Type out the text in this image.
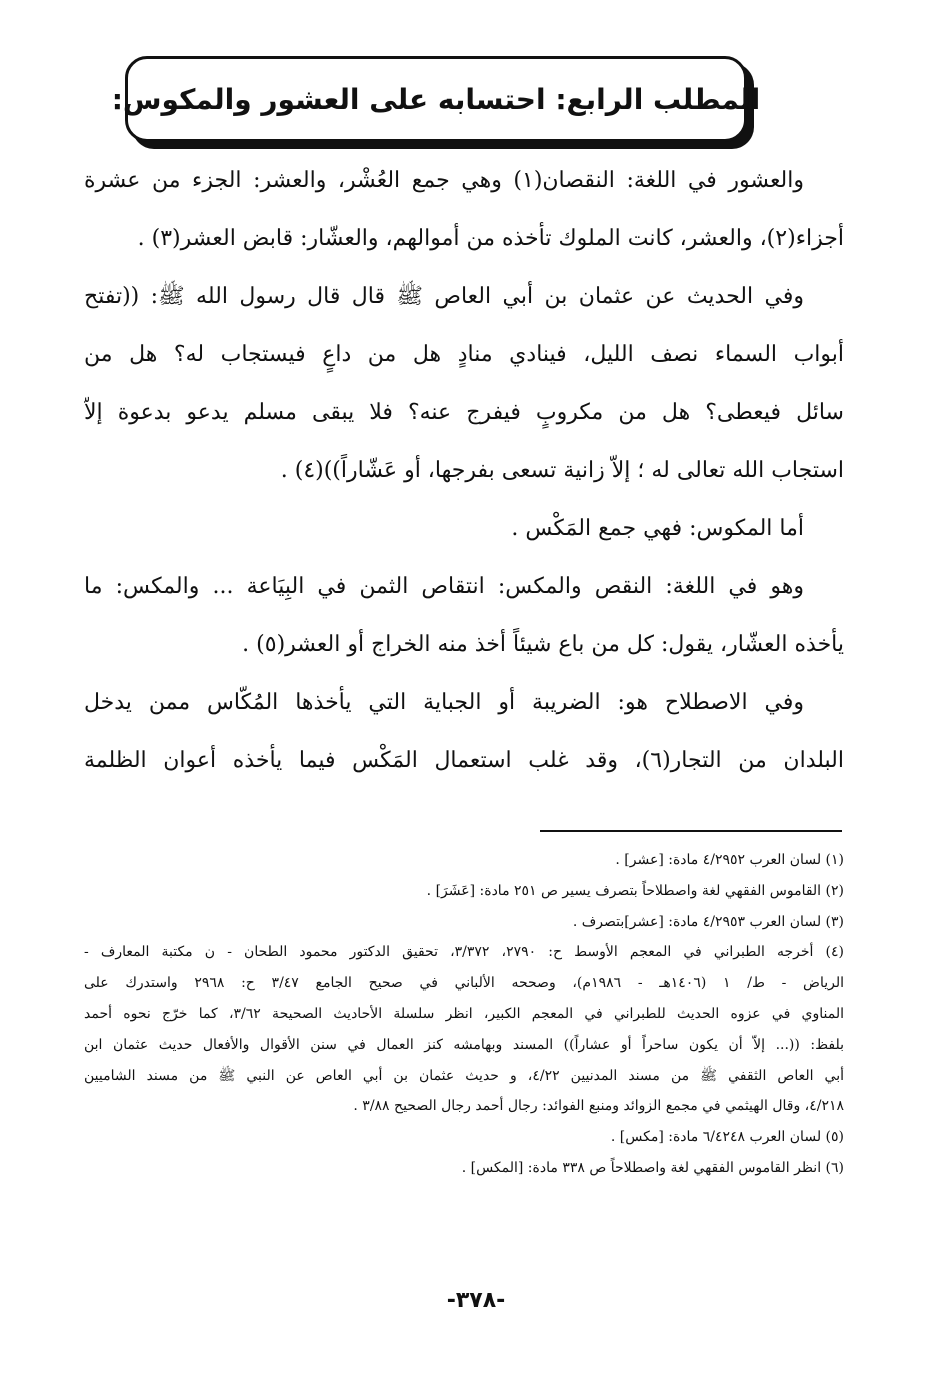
المطلب الرابع: احتسابه على العشور والمكوس:
والعشور في اللغة: النقصان(١) وهي جمع العُشْر، والعشر: الجزء من عشرة
أجزاء(٢)، والعشر، كانت الملوك تأخذه من أموالهم، والعشّار: قابض العشر(٣) .
وفي الحديث عن عثمان بن أبي العاص ﷺ قال قال رسول الله ﷺ: ((تفتح
أبواب السماء نصف الليل، فينادي منادٍ هل من داعٍ فيستجاب له؟ هل من
سائل فيعطى؟ هل من مكروبٍ فيفرج عنه؟ فلا يبقى مسلم يدعو بدعوة إلاّ
استجاب الله تعالى له ؛ إلاّ زانية تسعى بفرجها، أو عَشّاراً))(٤) .
أما المكوس: فهي جمع المَكْس .
وهو في اللغة: النقص والمكس: انتقاص الثمن في البِيَاعة ... والمكس: ما
يأخذه العشّار، يقول: كل من باع شيئاً أخذ منه الخراج أو العشر(٥) .
وفي الاصطلاح هو: الضريبة أو الجباية التي يأخذها المُكّاس ممن يدخل
البلدان من التجار(٦)، وقد غلب استعمال المَكْس فيما يأخذه أعوان الظلمة
(١) لسان العرب ٤/٢٩٥٢ مادة: [عشر] .
(٢) القاموس الفقهي لغة واصطلاحاً بتصرف يسير ص ٢٥١ مادة: [عَشَرَ] .
(٣) لسان العرب ٤/٢٩٥٣ مادة: [عشر]بتصرف .
(٤) أخرجه الطبراني في المعجم الأوسط ح: ٢٧٩٠، ٣/٣٧٢، تحقيق الدكتور محمود الطحان - ن مكتبة المعارف -
الرياض - ط/ ١ (١٤٠٦هـ - ١٩٨٦م)، وصححه الألباني في صحيح الجامع ٣/٤٧ ح: ٢٩٦٨ واستدرك على
المناوي في عزوه الحديث للطبراني في المعجم الكبير، انظر سلسلة الأحاديث الصحيحة ٣/٦٢، كما خرّج نحوه أحمد
بلفظ: ((... إلاّ أن يكون ساحراً أو عشاراً)) المسند وبهامشه كنز العمال في سنن الأقوال والأفعال حديث عثمان ابن
أبي العاص الثقفي ﷺ من مسند المدنيين ٤/٢٢، و حديث عثمان بن أبي العاص عن النبي ﷺ من مسند الشاميين
٤/٢١٨، وقال الهيثمي في مجمع الزوائد ومنبع الفوائد: رجال أحمد رجال الصحيح ٣/٨٨ .
(٥) لسان العرب ٦/٤٢٤٨ مادة: [مكس] .
(٦) انظر القاموس الفقهي لغة واصطلاحاً ص ٣٣٨ مادة: [المكس] .
-٣٧٨-
